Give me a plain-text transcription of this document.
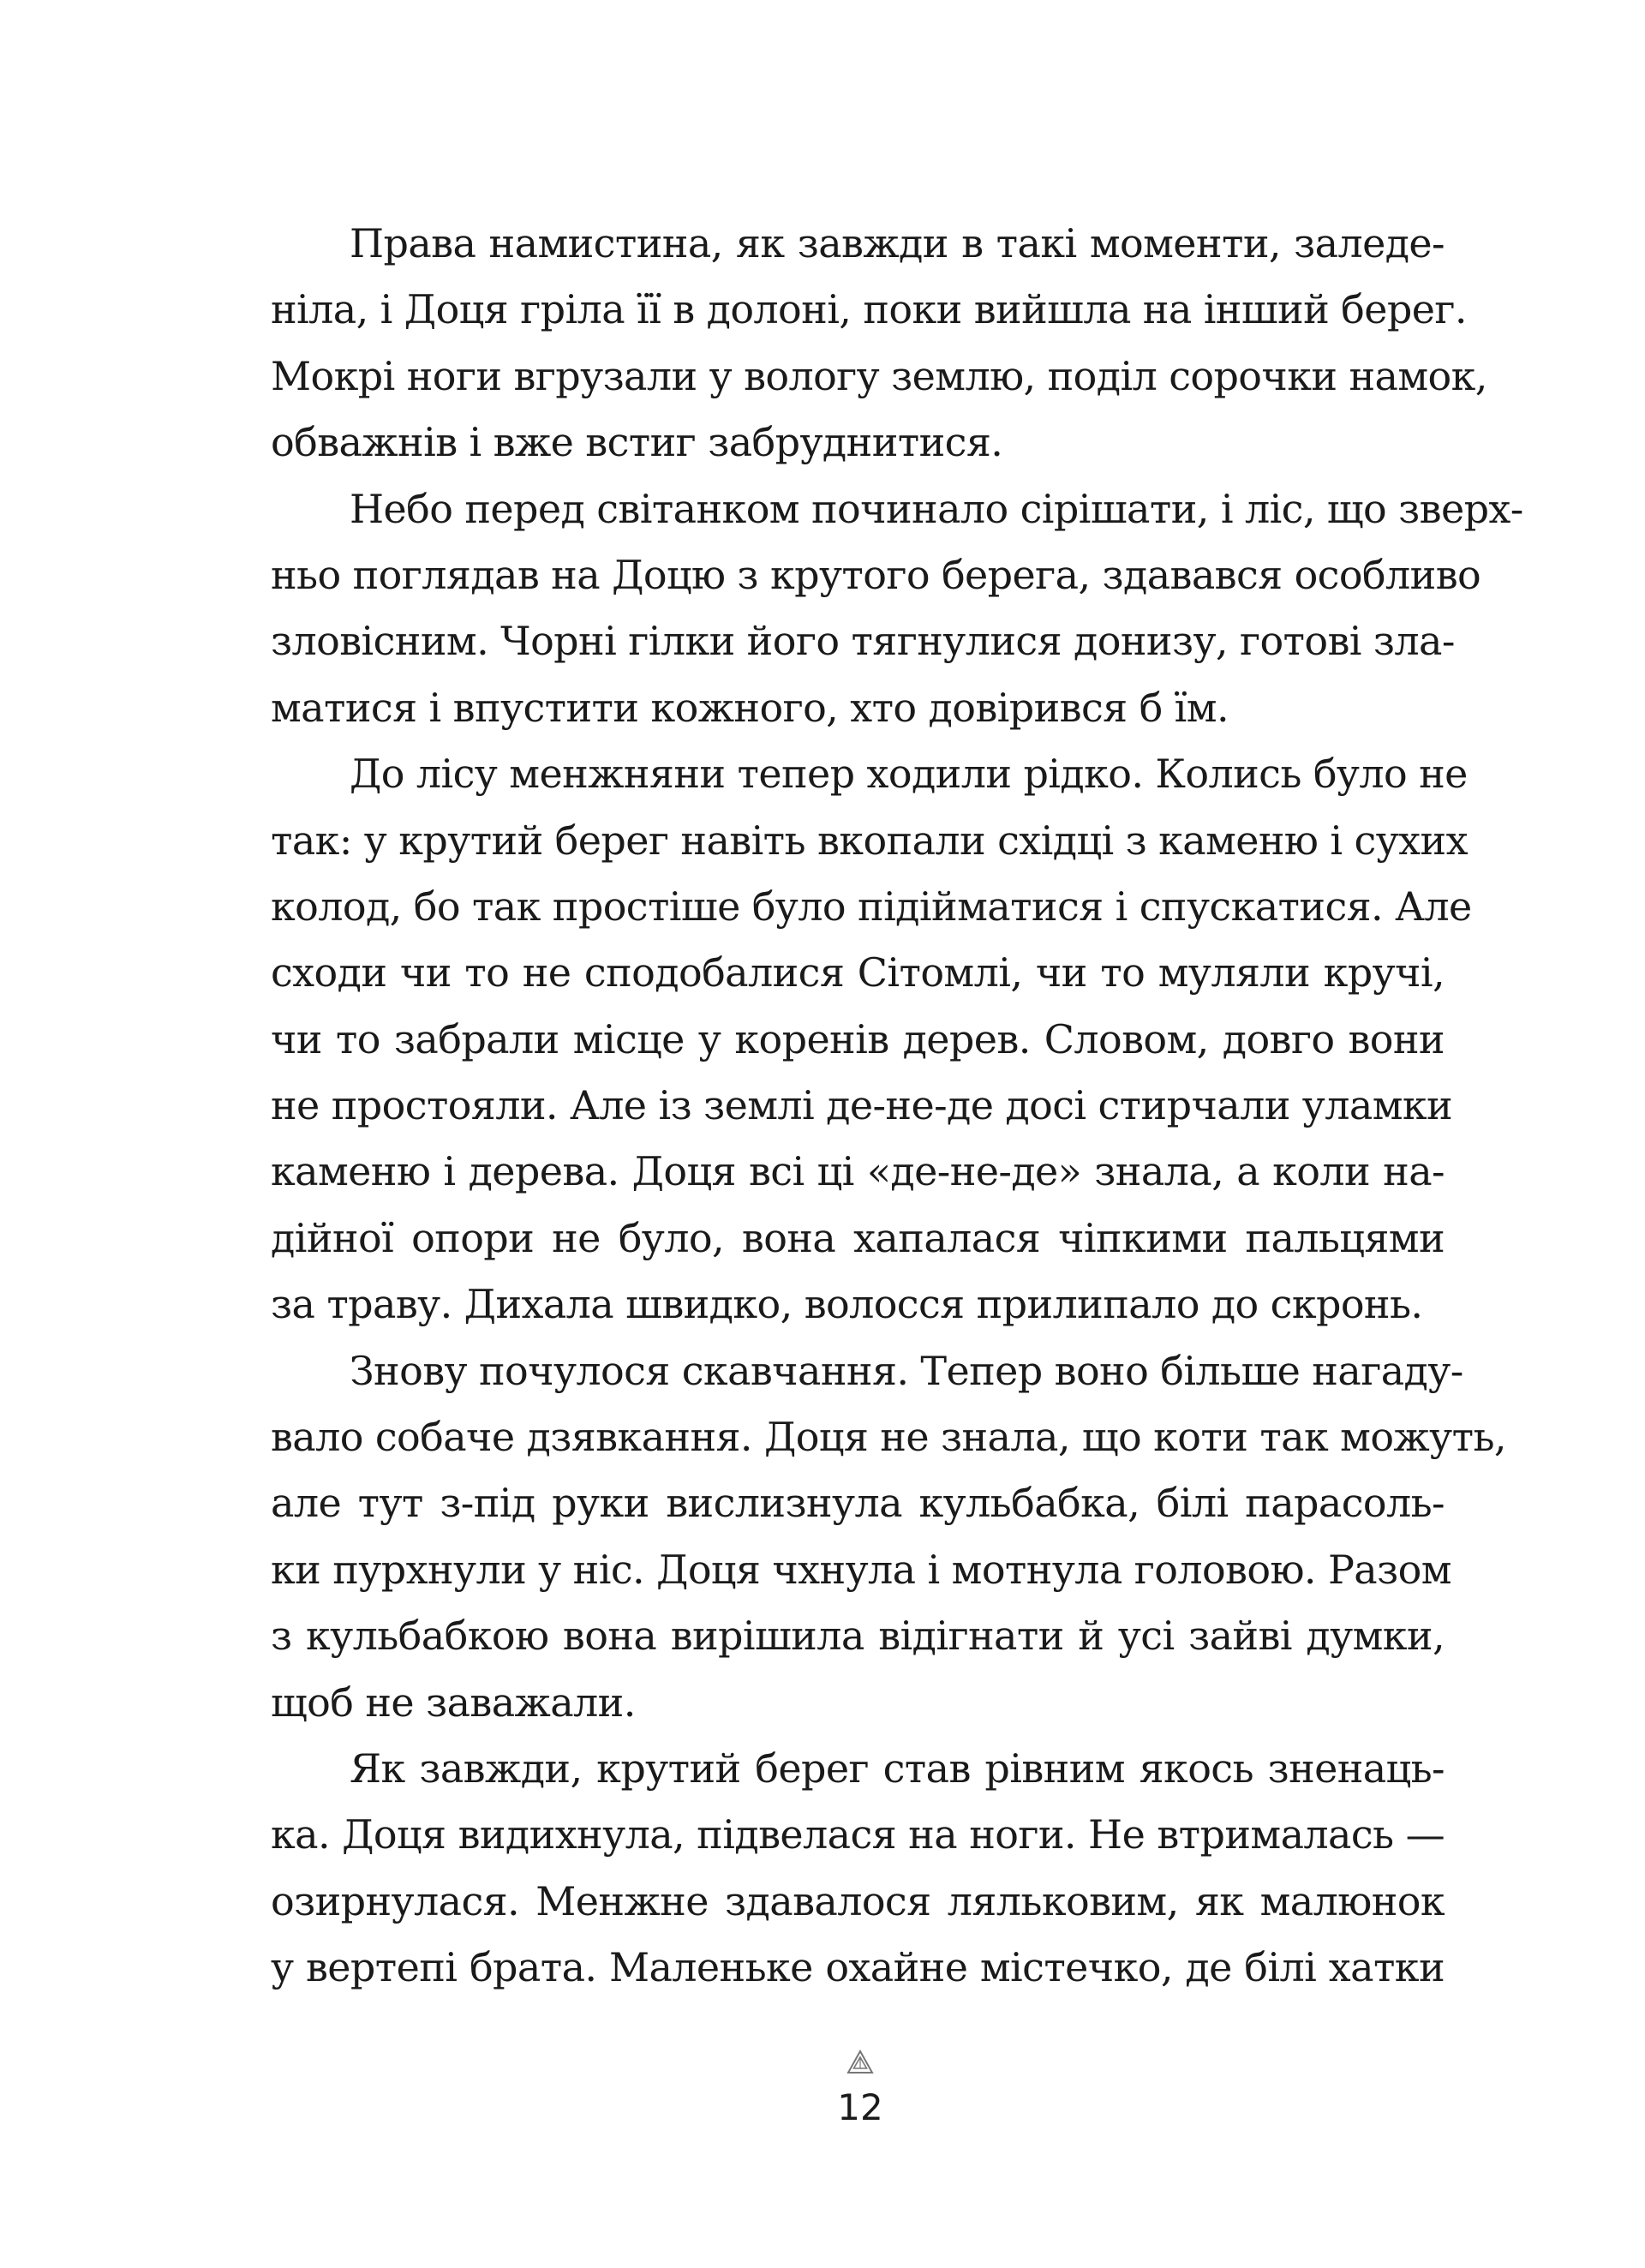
Права намистина, як завжди в такі моменти, заледе-
ніла, і Доця гріла її в долоні, поки вийшла на інший берег.
Мокрі ноги вгрузали у вологу землю, поділ сорочки намок,
обважнів і вже встиг забруднитися.

Небо перед світанком починало сірішати, і ліс, що зверх-
ньо поглядав на Доцю з крутого берега, здавався особливо
зловісним. Чорні гілки його тягнулися донизу, готові зла-
матися і впустити кожного, хто довірився б їм.

До лісу менжняни тепер ходили рідко. Колись було не
так: у крутий берег навіть вкопали східці з каменю і сухих
колод, бо так простіше було підійматися і спускатися. Але
сходи чи то не сподобалися Сітомлі, чи то муляли кручі,
чи то забрали місце у коренів дерев. Словом, довго вони
не простояли. Але із землі де-не-де досі стирчали уламки
каменю і дерева. Доця всі ці «де-не-де» знала, а коли на-
дійної опори не було, вона хапалася чіпкими пальцями
за траву. Дихала швидко, волосся прилипало до скронь.

Знову почулося скавчання. Тепер воно більше нагаду-
вало собаче дзявкання. Доця не знала, що коти так можуть,
але тут з-під руки вислизнула кульбабка, білі парасоль-
ки пурхнули у ніс. Доця чхнула і мотнула головою. Разом
з кульбабкою вона вирішила відігнати й усі зайві думки,
щоб не заважали.

Як завжди, крутий берег став рівним якось зненаць-
ка. Доця видихнула, підвелася на ноги. Не втрималась —
озирнулася. Менжне здавалося ляльковим, як малюнок
у вертепі брата. Маленьке охайне містечко, де білі хатки

12
